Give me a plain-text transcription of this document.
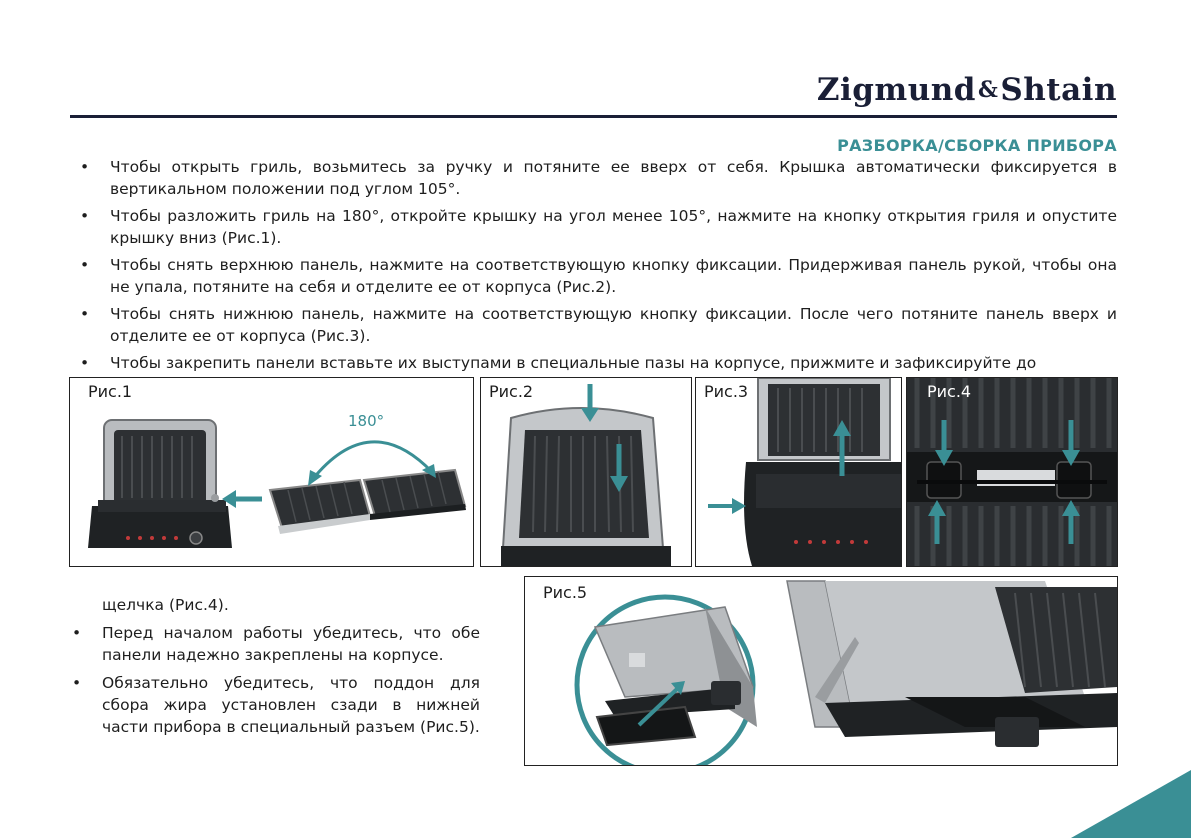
Zigmund&Shtain
РАЗБОРКА/СБОРКА ПРИБОРА
• Чтобы открыть гриль, возьмитесь за ручку и потяните ее вверх от себя. Крышка автоматически фиксируется в вертикальном положении под углом 105°.
• Чтобы разложить гриль на 180°, откройте крышку на угол менее 105°, нажмите на кнопку открытия гриля и опустите крышку вниз (Рис.1).
• Чтобы снять верхнюю панель, нажмите на соответствующую кнопку фиксации. Придерживая панель рукой, чтобы она не упала, потяните на себя и отделите ее от корпуса (Рис.2).
• Чтобы снять нижнюю панель, нажмите на соответствующую кнопку фиксации. После чего потяните панель вверх и отделите ее от корпуса (Рис.3).
• Чтобы закрепить панели вставьте их выступами в специальные пазы на корпусе, прижмите и зафиксируйте до
Рис.1
180°
Рис.2	Рис.3	Рис.4

щелчка (Рис.4).

• Перед началом работы убедитесь, что обе панели надежно закреплены на корпусе.
• Обязательно убедитесь, что поддон для сбора жира установлен сзади в нижней части прибора в специальный разъем (Рис.5).
Рис.5
